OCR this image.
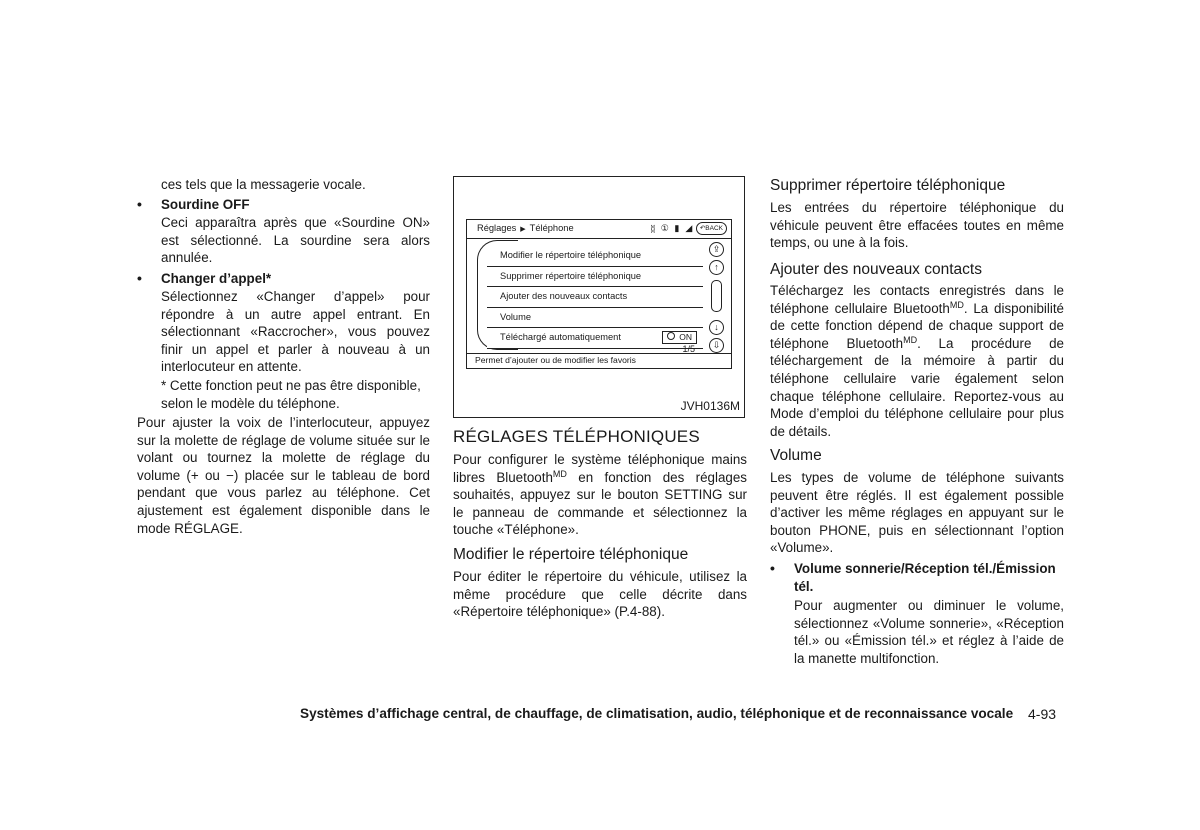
ces tels que la messagerie vocale.

• Sourdine OFF

Ceci apparaîtra après que «Sourdine ON» est sélectionné. La sourdine sera alors annulée.

• Changer d’appel*

Sélectionnez «Changer d’appel» pour répondre à un autre appel entrant. En sélectionnant «Raccrocher», vous pouvez finir un appel et parler à nouveau à un interlocuteur en attente.

* Cette fonction peut ne pas être disponible, selon le modèle du téléphone.

Pour ajuster la voix de l’interlocuteur, appuyez sur la molette de réglage de volume située sur le volant ou tournez la molette de réglage du volume (+ ou −) placée sur le tableau de bord pendant que vous parlez au téléphone. Cet ajustement est également disponible dans le mode RÉGLAGE.

Réglages ▶ Téléphone	ᛥ ① ▮ ◢	↶BACK
Modifier le répertoire téléphonique
Supprimer répertoire téléphonique
Ajouter des nouveaux contacts
Volume
Téléchargé automatiquement	ON
⇪
↑
↓
⇩
1/5
Permet d’ajouter ou de modifier les favoris
JVH0136M

RÉGLAGES TÉLÉPHONIQUES

Pour configurer le système téléphonique mains libres Bluetooth$^{MD}$ en fonction des réglages souhaités, appuyez sur le bouton SETTING sur le panneau de commande et sélectionnez la touche «Téléphone».

Modifier le répertoire téléphonique

Pour éditer le répertoire du véhicule, utilisez la même procédure que celle décrite dans «Répertoire téléphonique» (P.4-88).

Supprimer répertoire téléphonique

Les entrées du répertoire téléphonique du véhicule peuvent être effacées toutes en même temps, ou une à la fois.

Ajouter des nouveaux contacts

Téléchargez les contacts enregistrés dans le téléphone cellulaire Bluetooth$^{MD}$. La disponibilité de cette fonction dépend de chaque support de téléphone Bluetooth$^{MD}$. La procédure de téléchargement de la mémoire à partir du téléphone cellulaire varie également selon chaque téléphone cellulaire. Reportez-vous au Mode d’emploi du téléphone cellulaire pour plus de détails.

Volume

Les types de volume de téléphone suivants peuvent être réglés. Il est également possible d’activer les même réglages en appuyant sur le bouton PHONE, puis en sélectionnant l’option «Volume».

• Volume sonnerie/Réception tél./Émission tél.

Pour augmenter ou diminuer le volume, sélectionnez «Volume sonnerie», «Réception tél.» ou «Émission tél.» et réglez à l’aide de la manette multifonction.

Systèmes d’affichage central, de chauffage, de climatisation, audio, téléphonique et de reconnaissance vocale 4-93
